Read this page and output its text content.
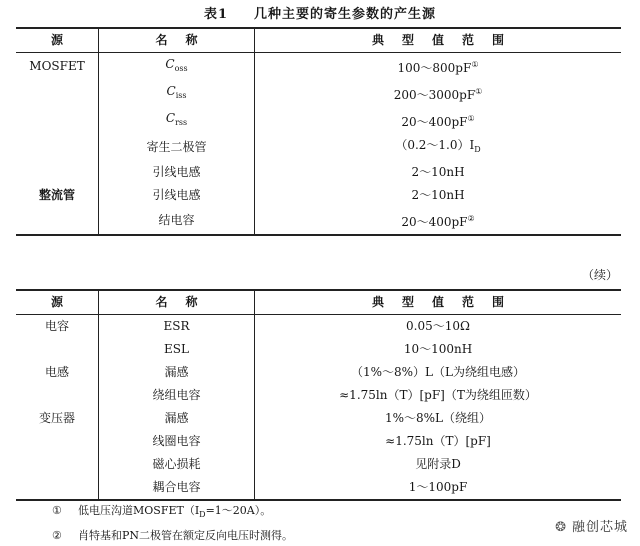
表1 几种主要的寄生参数的产生源
源	名称	典型值范围
MOSFET	$C_{oss}$	100～800pF①
	$C_{iss}$	200～3000pF①
	$C_{rss}$	20～400pF①
	寄生二极管	$(0.2\sim 1.0)I_D$
	引线电感	2～10nH
整流管	引线电感	2～10nH
	结电容	20～400pF②
（续）
源	名称	典型值范围
电容	ESR	0.05～10Ω
	ESL	10～100nH
电感	漏感	（1%～8%）L（L为绕组电感）
	绕组电容	≈1.75ln（T）[pF]（T为绕组匝数）
变压器	漏感	1%～8%L（绕组）
	线圈电容	≈1.75ln（T）[pF]
	磁心损耗	见附录D
	耦合电容	1～100pF
① 低电压沟道$MOSFET(I_D=1\sim 20A)$。
② 肖特基和PN二极管在额定反向电压时测得。
❂ 融创芯城
